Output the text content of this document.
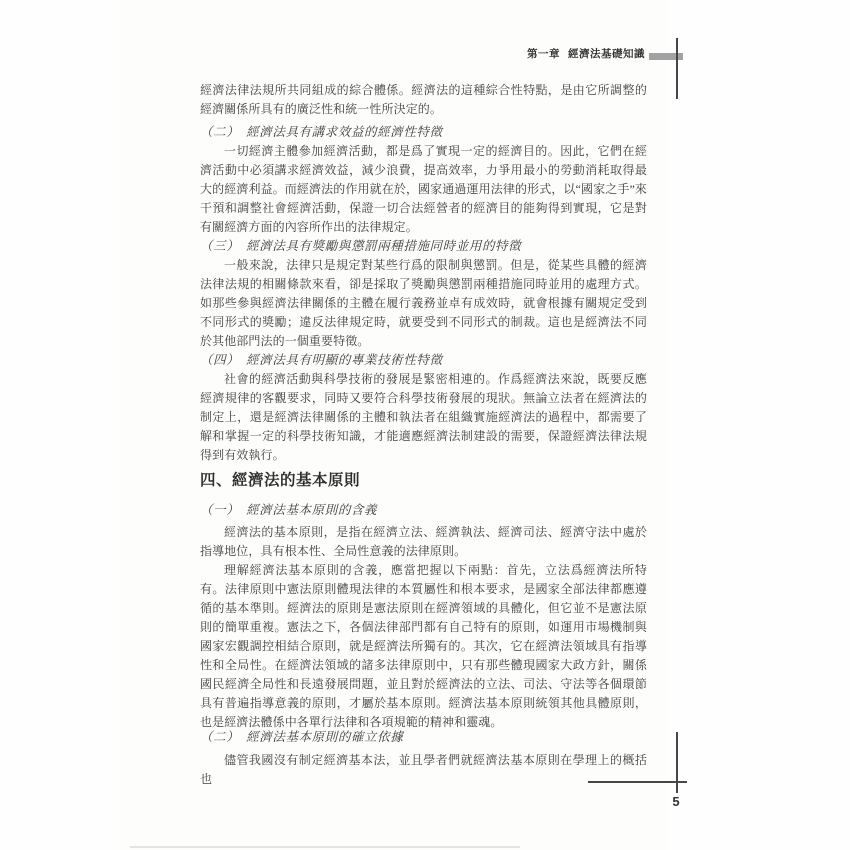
第一章 經濟法基礎知識
經濟法律法規所共同組成的綜合體係。經濟法的這種綜合性特點，是由它所調整的經濟關係所具有的廣泛性和統一性所決定的。
（二）　經濟法具有講求效益的經濟性特徵
一切經濟主體參加經濟活動，都是爲了實現一定的經濟目的。因此，它們在經濟活動中必須講求經濟效益，減少浪費，提高效率，力爭用最小的勞動消耗取得最大的經濟利益。而經濟法的作用就在於，國家通過運用法律的形式，以“國家之手”來干預和調整社會經濟活動，保證一切合法經營者的經濟目的能夠得到實現，它是對有關經濟方面的內容所作出的法律規定。
（三）　經濟法具有獎勵與懲罰兩種措施同時並用的特徵
一般來說，法律只是規定對某些行爲的限制與懲罰。但是，從某些具體的經濟法律法規的相關條款來看，卻是採取了獎勵與懲罰兩種措施同時並用的處理方式。如那些參與經濟法律關係的主體在履行義務並卓有成效時，就會根據有關規定受到不同形式的獎勵；違反法律規定時，就要受到不同形式的制裁。這也是經濟法不同於其他部門法的一個重要特徵。
（四）　經濟法具有明顯的專業技術性特徵
社會的經濟活動與科學技術的發展是緊密相連的。作爲經濟法來說，既要反應經濟規律的客觀要求，同時又要符合科學技術發展的現狀。無論立法者在經濟法的制定上，還是經濟法律關係的主體和執法者在組織實施經濟法的過程中，都需要了解和掌握一定的科學技術知識，才能適應經濟法制建設的需要，保證經濟法律法規得到有效執行。
四、經濟法的基本原則
（一）　經濟法基本原則的含義
經濟法的基本原則，是指在經濟立法、經濟執法、經濟司法、經濟守法中處於指導地位，具有根本性、全局性意義的法律原則。
理解經濟法基本原則的含義，應當把握以下兩點：首先，立法爲經濟法所特有。法律原則中憲法原則體現法律的本質屬性和根本要求，是國家全部法律都應遵循的基本準則。經濟法的原則是憲法原則在經濟領域的具體化，但它並不是憲法原則的簡單重複。憲法之下，各個法律部門都有自己特有的原則，如運用市場機制與國家宏觀調控相結合原則，就是經濟法所獨有的。其次，它在經濟法領域具有指導性和全局性。在經濟法領域的諸多法律原則中，只有那些體現國家大政方針，關係國民經濟全局性和長遠發展問題，並且對於經濟法的立法、司法、守法等各個環節具有普遍指導意義的原則，才屬於基本原則。經濟法基本原則統領其他具體原則，也是經濟法體係中各單行法律和各項規範的精神和靈魂。
（二）　經濟法基本原則的確立依據
儘管我國沒有制定經濟基本法，並且學者們就經濟法基本原則在學理上的概括也
5
